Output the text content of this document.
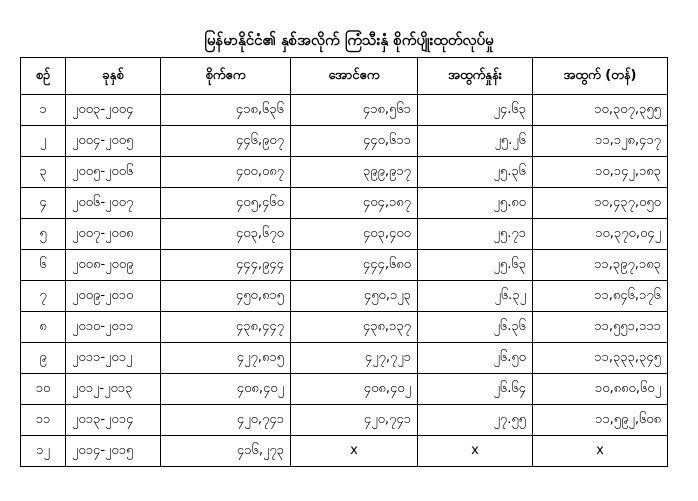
မြန်မာနိုင်ငံ၏ နှစ်အလိုက် ကြံသီးနှံ စိုက်ပျိုးထုတ်လုပ်မှု
စဉ်	ခုနှစ်	စိုက်ဧက	အောင်ဧက	အထွက်နှုန်း	အထွက် (တန်)
၁	၂၀၀၃-၂၀၀၄	၄၁၈,၆၃၆	၄၁၈,၅၆၁	၂၄.၆၃	၁၀,၃၀၇,၃၅၅
၂	၂၀၀၄-၂၀၀၅	၄၄၆,၉၀၇	၄၄၀,၆၁၁	၂၅.၂၆	၁၁,၁၂၈,၄၁၇
၃	၂၀၀၅-၂၀၀၆	၄၀၀,၀၈၇	၃၉၉,၉၁၇	၂၅.၃၆	၁၀,၁၄၂,၁၈၃
၄	၂၀၀၆-၂၀၀၇	၄၀၅,၄၆၀	၄၀၄,၁၈၇	၂၅.၈၀	၁၀,၄၃၇,၀၅၀
၅	၂၀၀၇-၂၀၀၈	၄၀၃,၆၇၀	၄၀၃,၄၀၀	၂၅.၇၁	၁၀,၃၇၀,၀၄၂
၆	၂၀၀၈-၂၀၀၉	၄၄၄,၉၄၄	၄၄၄,၆၈၀	၂၅.၆၃	၁၁,၃၉၇,၁၈၃
၇	၂၀၀၉-၂၀၁၀	၄၅၀,၈၁၅	၄၅၀,၁၂၃	၂၆.၃၂	၁၁,၈၄၆,၁၇၆
၈	၂၀၁၀-၂၀၁၁	၄၃၈,၄၄၇	၄၃၈,၁၃၇	၂၆.၃၆	၁၁,၅၅၁,၁၁၁
၉	၂၀၁၁-၂၀၁၂	၄၂၇,၈၁၅	၄၂၇,၇၂၁	၂၆.၅၀	၁၁,၃၃၃,၃၄၅
၁၀	၂၀၁၂-၂၀၁၃	၄၀၈,၄၀၂	၄၀၈,၄၀၂	၂၆.၆၄	၁၀,၈၈၀,၆၀၂
၁၁	၂၀၁၃-၂၀၁၄	၄၂၀,၇၄၁	၄၂၀,၇၄၁	၂၇.၅၅	၁၁,၅၉၂,၆၀၈
၁၂	၂၀၁၄-၂၀၁၅	၄၁၆,၂၇၃	x	x	x
